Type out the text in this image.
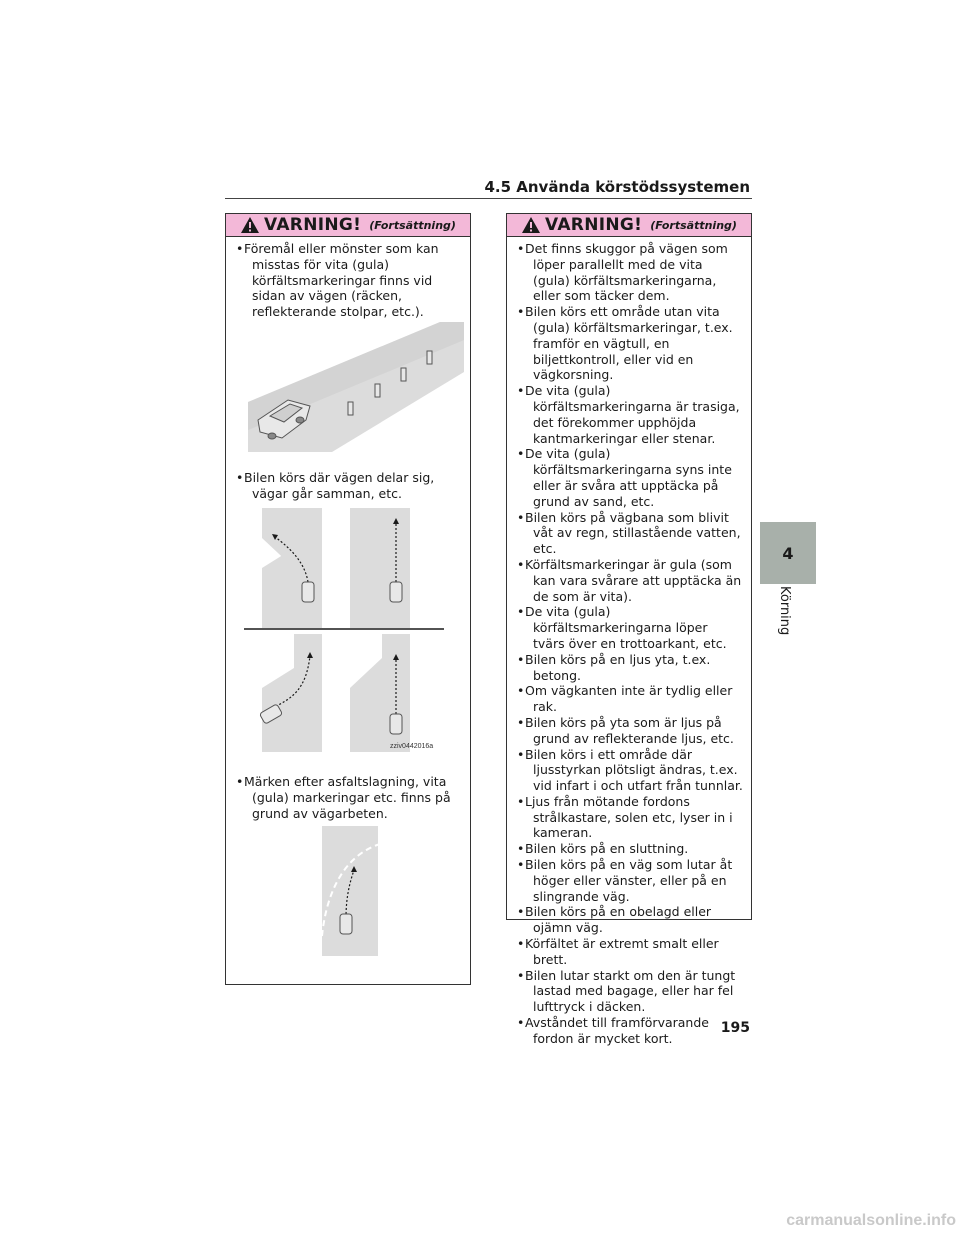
4.5 Använda körstödssystemen
VARNING! (Fortsättning)
• Föremål eller mönster som kan misstas för vita (gula) körfältsmarkeringar finns vid sidan av vägen (räcken, reflekterande stolpar, etc.).
• Bilen körs där vägen delar sig, vägar går samman, etc.
zziv0442016a
• Märken efter asfaltslagning, vita (gula) markeringar etc. finns på grund av vägarbeten.
VARNING! (Fortsättning)
• Det finns skuggor på vägen som löper parallellt med de vita (gula) körfältsmarkeringarna, eller som täcker dem.
• Bilen körs ett område utan vita (gula) körfältsmarkeringar, t.ex. framför en vägtull, en biljettkontroll, eller vid en vägkorsning.
• De vita (gula) körfältsmarkeringarna är trasiga, det förekommer upphöjda kantmarkeringar eller stenar.
• De vita (gula) körfältsmarkeringarna syns inte eller är svåra att upptäcka på grund av sand, etc.
• Bilen körs på vägbana som blivit våt av regn, stillastående vatten, etc.
• Körfältsmarkeringar är gula (som kan vara svårare att upptäcka än de som är vita).
• De vita (gula) körfältsmarkeringarna löper tvärs över en trottoarkant, etc.
• Bilen körs på en ljus yta, t.ex. betong.
• Om vägkanten inte är tydlig eller rak.
• Bilen körs på yta som är ljus på grund av reflekterande ljus, etc.
• Bilen körs i ett område där ljusstyrkan plötsligt ändras, t.ex. vid infart i och utfart från tunnlar.
• Ljus från mötande fordons strålkastare, solen etc, lyser in i kameran.
• Bilen körs på en sluttning.
• Bilen körs på en väg som lutar åt höger eller vänster, eller på en slingrande väg.
• Bilen körs på en obelagd eller ojämn väg.
• Körfältet är extremt smalt eller brett.
• Bilen lutar starkt om den är tungt lastad med bagage, eller har fel lufttryck i däcken.
• Avståndet till framförvarande fordon är mycket kort.
4
Körning
195
carmanualsonline.info
